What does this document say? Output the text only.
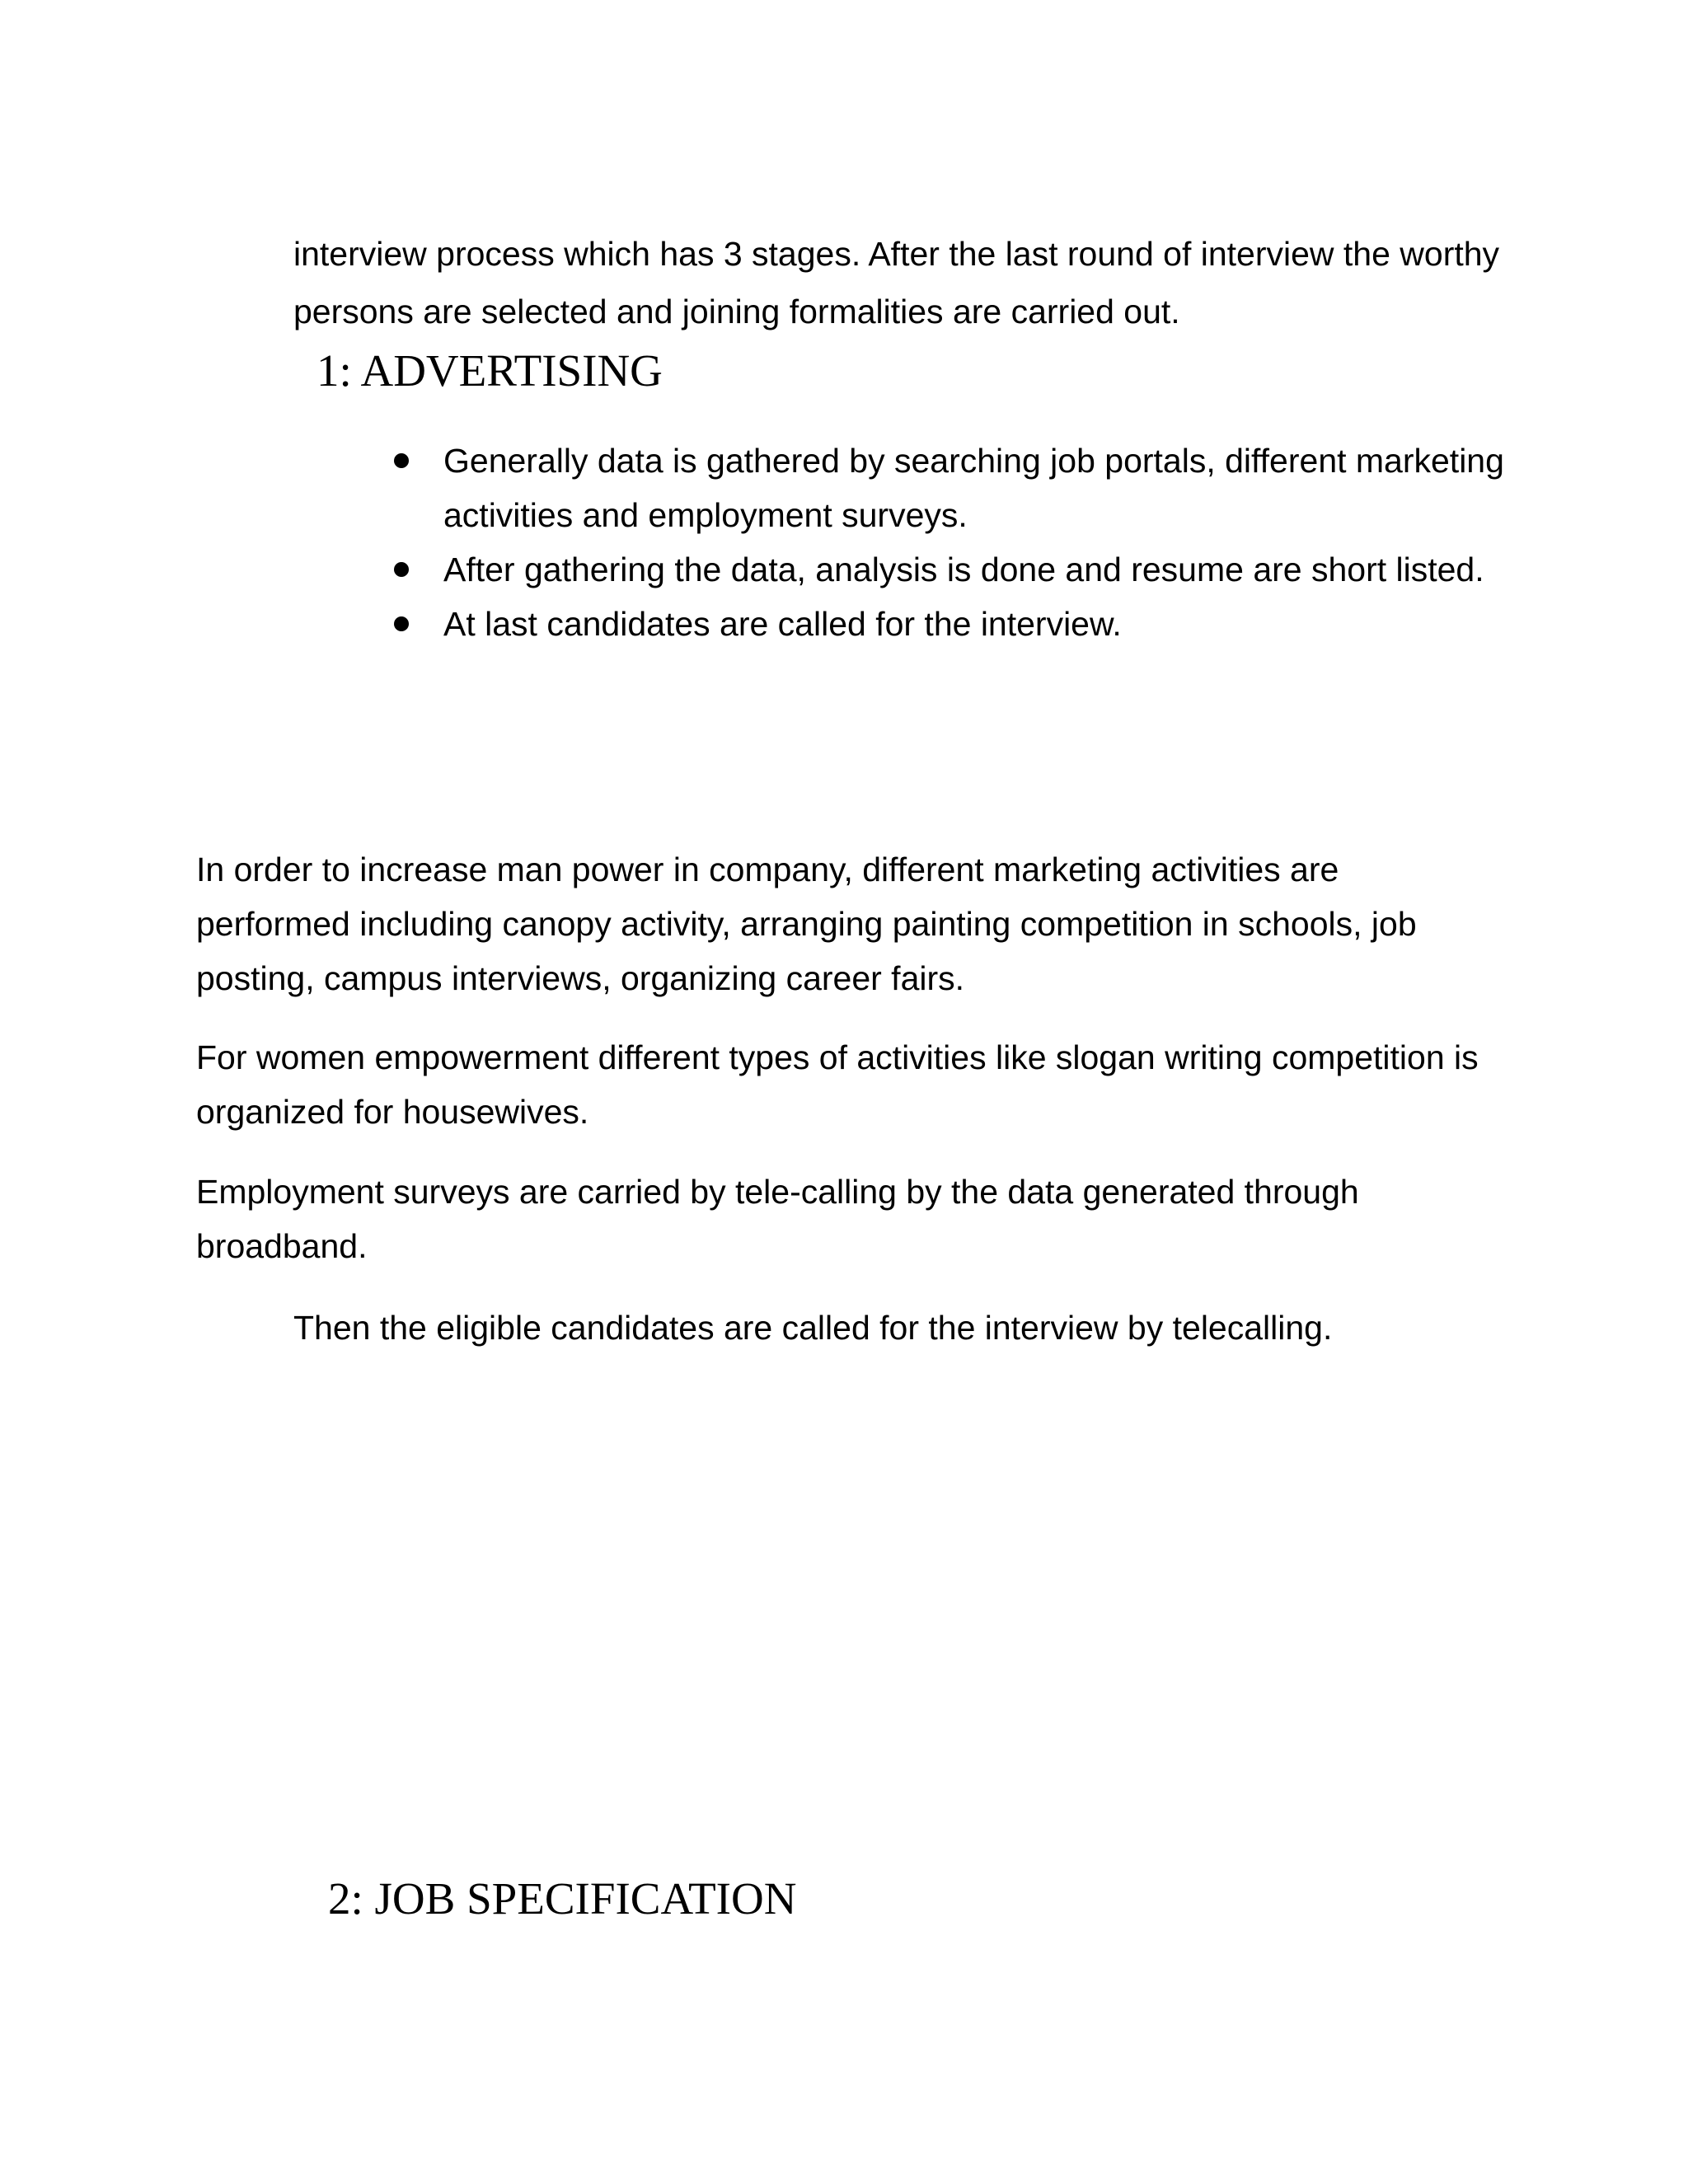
interview process which has 3 stages. After the last round of interview the worthy persons are selected and joining formalities are carried out.

1: ADVERTISING
Generally data is gathered by searching job portals, different marketing activities and employment surveys.
After gathering the data, analysis is done and resume are short listed.
At last candidates are called for the interview.

In order to increase man power in company, different marketing activities are performed including canopy activity, arranging painting competition in schools, job posting, campus interviews, organizing career fairs.

For women empowerment different types of activities like slogan writing competition is organized for housewives.

Employment surveys are carried by tele-calling by the data generated through broadband.

Then the eligible candidates are called for the interview by telecalling.

2: JOB SPECIFICATION
